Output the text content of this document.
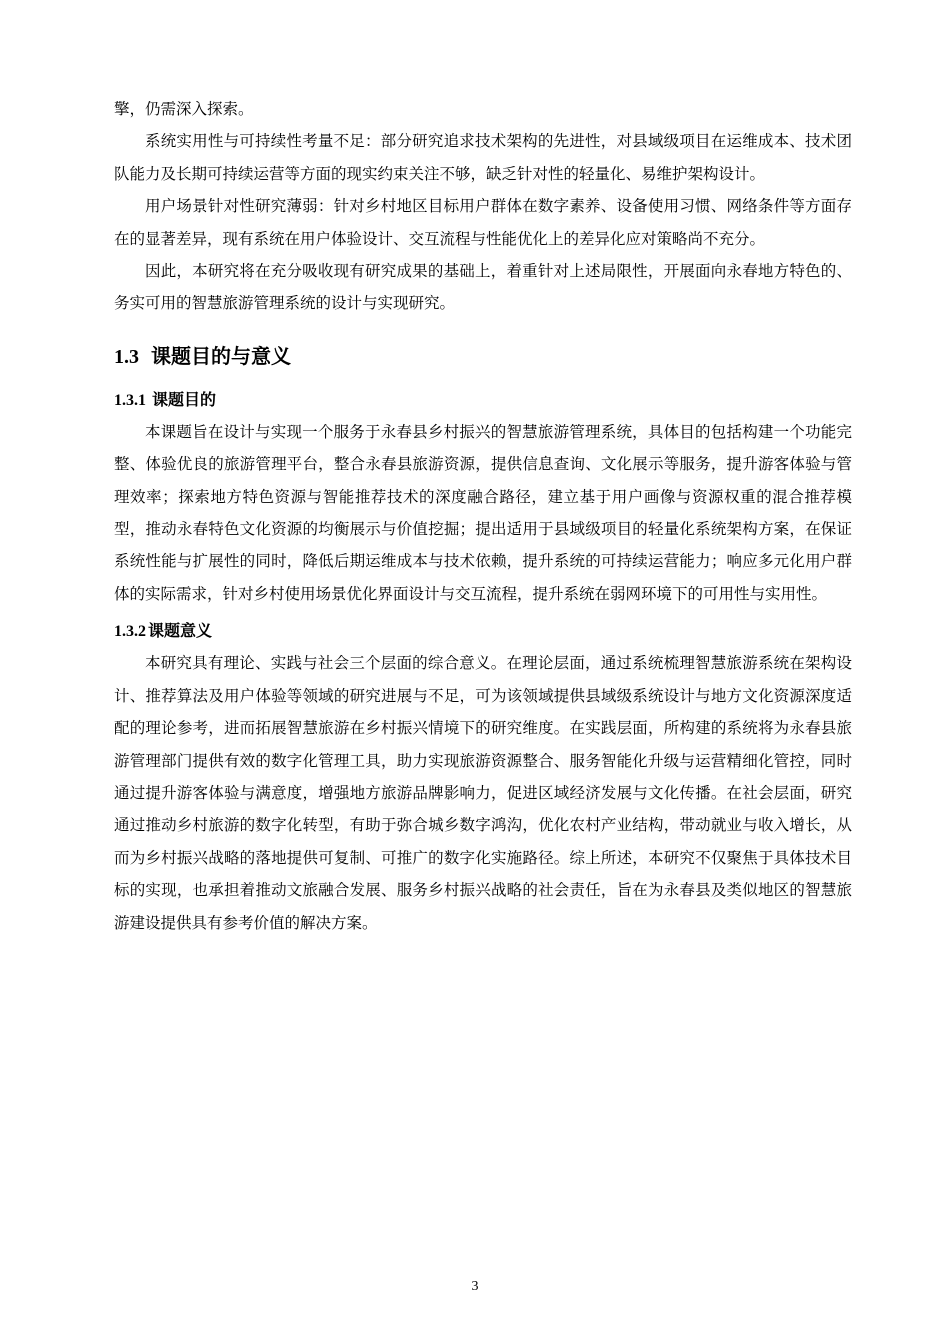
擎，仍需深入探索。

系统实用性与可持续性考量不足：部分研究追求技术架构的先进性，对县域级项目在运维成本、技术团队能力及长期可持续运营等方面的现实约束关注不够，缺乏针对性的轻量化、易维护架构设计。

用户场景针对性研究薄弱：针对乡村地区目标用户群体在数字素养、设备使用习惯、网络条件等方面存在的显著差异，现有系统在用户体验设计、交互流程与性能优化上的差异化应对策略尚不充分。

因此，本研究将在充分吸收现有研究成果的基础上，着重针对上述局限性，开展面向永春地方特色的、务实可用的智慧旅游管理系统的设计与实现研究。

1.3 课题目的与意义
1.3.1 课题目的

本课题旨在设计与实现一个服务于永春县乡村振兴的智慧旅游管理系统，具体目的包括构建一个功能完整、体验优良的旅游管理平台，整合永春县旅游资源，提供信息查询、文化展示等服务，提升游客体验与管理效率；探索地方特色资源与智能推荐技术的深度融合路径，建立基于用户画像与资源权重的混合推荐模型，推动永春特色文化资源的均衡展示与价值挖掘；提出适用于县域级项目的轻量化系统架构方案，在保证系统性能与扩展性的同时，降低后期运维成本与技术依赖，提升系统的可持续运营能力；响应多元化用户群体的实际需求，针对乡村使用场景优化界面设计与交互流程，提升系统在弱网环境下的可用性与实用性。

1.3.2 课题意义

本研究具有理论、实践与社会三个层面的综合意义。在理论层面，通过系统梳理智慧旅游系统在架构设计、推荐算法及用户体验等领域的研究进展与不足，可为该领域提供县域级系统设计与地方文化资源深度适配的理论参考，进而拓展智慧旅游在乡村振兴情境下的研究维度。在实践层面，所构建的系统将为永春县旅游管理部门提供有效的数字化管理工具，助力实现旅游资源整合、服务智能化升级与运营精细化管控，同时通过提升游客体验与满意度，增强地方旅游品牌影响力，促进区域经济发展与文化传播。在社会层面，研究通过推动乡村旅游的数字化转型，有助于弥合城乡数字鸿沟，优化农村产业结构，带动就业与收入增长，从而为乡村振兴战略的落地提供可复制、可推广的数字化实施路径。综上所述，本研究不仅聚焦于具体技术目标的实现，也承担着推动文旅融合发展、服务乡村振兴战略的社会责任，旨在为永春县及类似地区的智慧旅游建设提供具有参考价值的解决方案。

3
